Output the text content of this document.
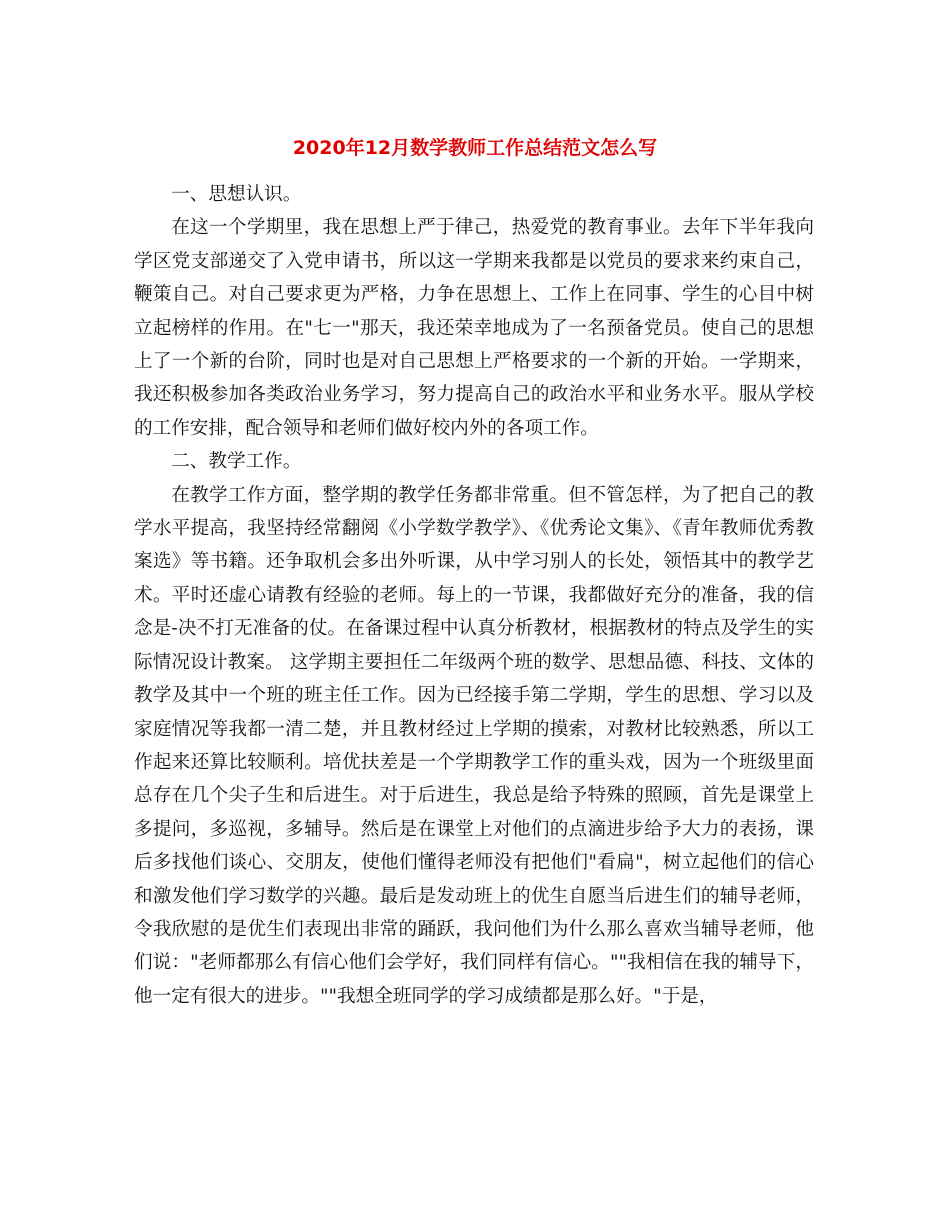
2020年12月数学教师工作总结范文怎么写

一、思想认识。

在这一个学期里，我在思想上严于律己，热爱党的教育事业。去年下半年我向学区党支部递交了入党申请书，所以这一学期来我都是以党员的要求来约束自己，鞭策自己。对自己要求更为严格，力争在思想上、工作上在同事、学生的心目中树立起榜样的作用。在"七一"那天，我还荣幸地成为了一名预备党员。使自己的思想上了一个新的台阶，同时也是对自己思想上严格要求的一个新的开始。一学期来，我还积极参加各类政治业务学习，努力提高自己的政治水平和业务水平。服从学校的工作安排，配合领导和老师们做好校内外的各项工作。

二、教学工作。

在教学工作方面，整学期的教学任务都非常重。但不管怎样，为了把自己的教学水平提高，我坚持经常翻阅《小学数学教学》、《优秀论文集》、《青年教师优秀教案选》等书籍。还争取机会多出外听课，从中学习别人的长处，领悟其中的教学艺术。平时还虚心请教有经验的老师。每上的一节课，我都做好充分的准备，我的信念是-决不打无准备的仗。在备课过程中认真分析教材，根据教材的特点及学生的实际情况设计教案。 这学期主要担任二年级两个班的数学、思想品德、科技、文体的教学及其中一个班的班主任工作。因为已经接手第二学期，学生的思想、学习以及家庭情况等我都一清二楚，并且教材经过上学期的摸索，对教材比较熟悉，所以工作起来还算比较顺利。培优扶差是一个学期教学工作的重头戏，因为一个班级里面总存在几个尖子生和后进生。对于后进生，我总是给予特殊的照顾，首先是课堂上多提问，多巡视，多辅导。然后是在课堂上对他们的点滴进步给予大力的表扬，课后多找他们谈心、交朋友，使他们懂得老师没有把他们"看扁"，树立起他们的信心和激发他们学习数学的兴趣。最后是发动班上的优生自愿当后进生们的辅导老师，令我欣慰的是优生们表现出非常的踊跃，我问他们为什么那么喜欢当辅导老师，他们说："老师都那么有信心他们会学好，我们同样有信心。""我相信在我的辅导下，他一定有很大的进步。""我想全班同学的学习成绩都是那么好。"于是，
